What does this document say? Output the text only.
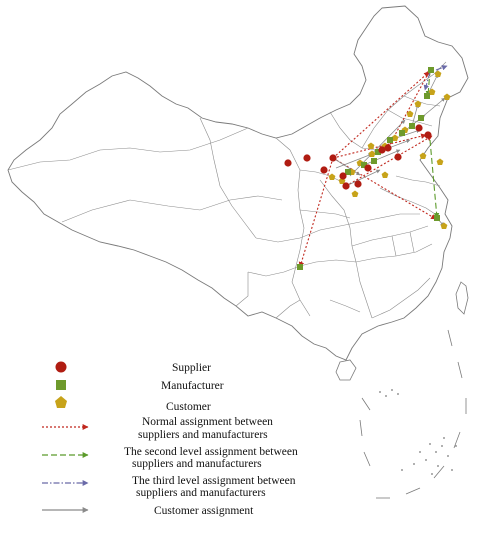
Supplier
Manufacturer
Customer
Normal assignment between
suppliers and manufacturers
The second level assignment between
suppliers and manufacturers
The third level assignment between
suppliers and manufacturers
Customer assignment
